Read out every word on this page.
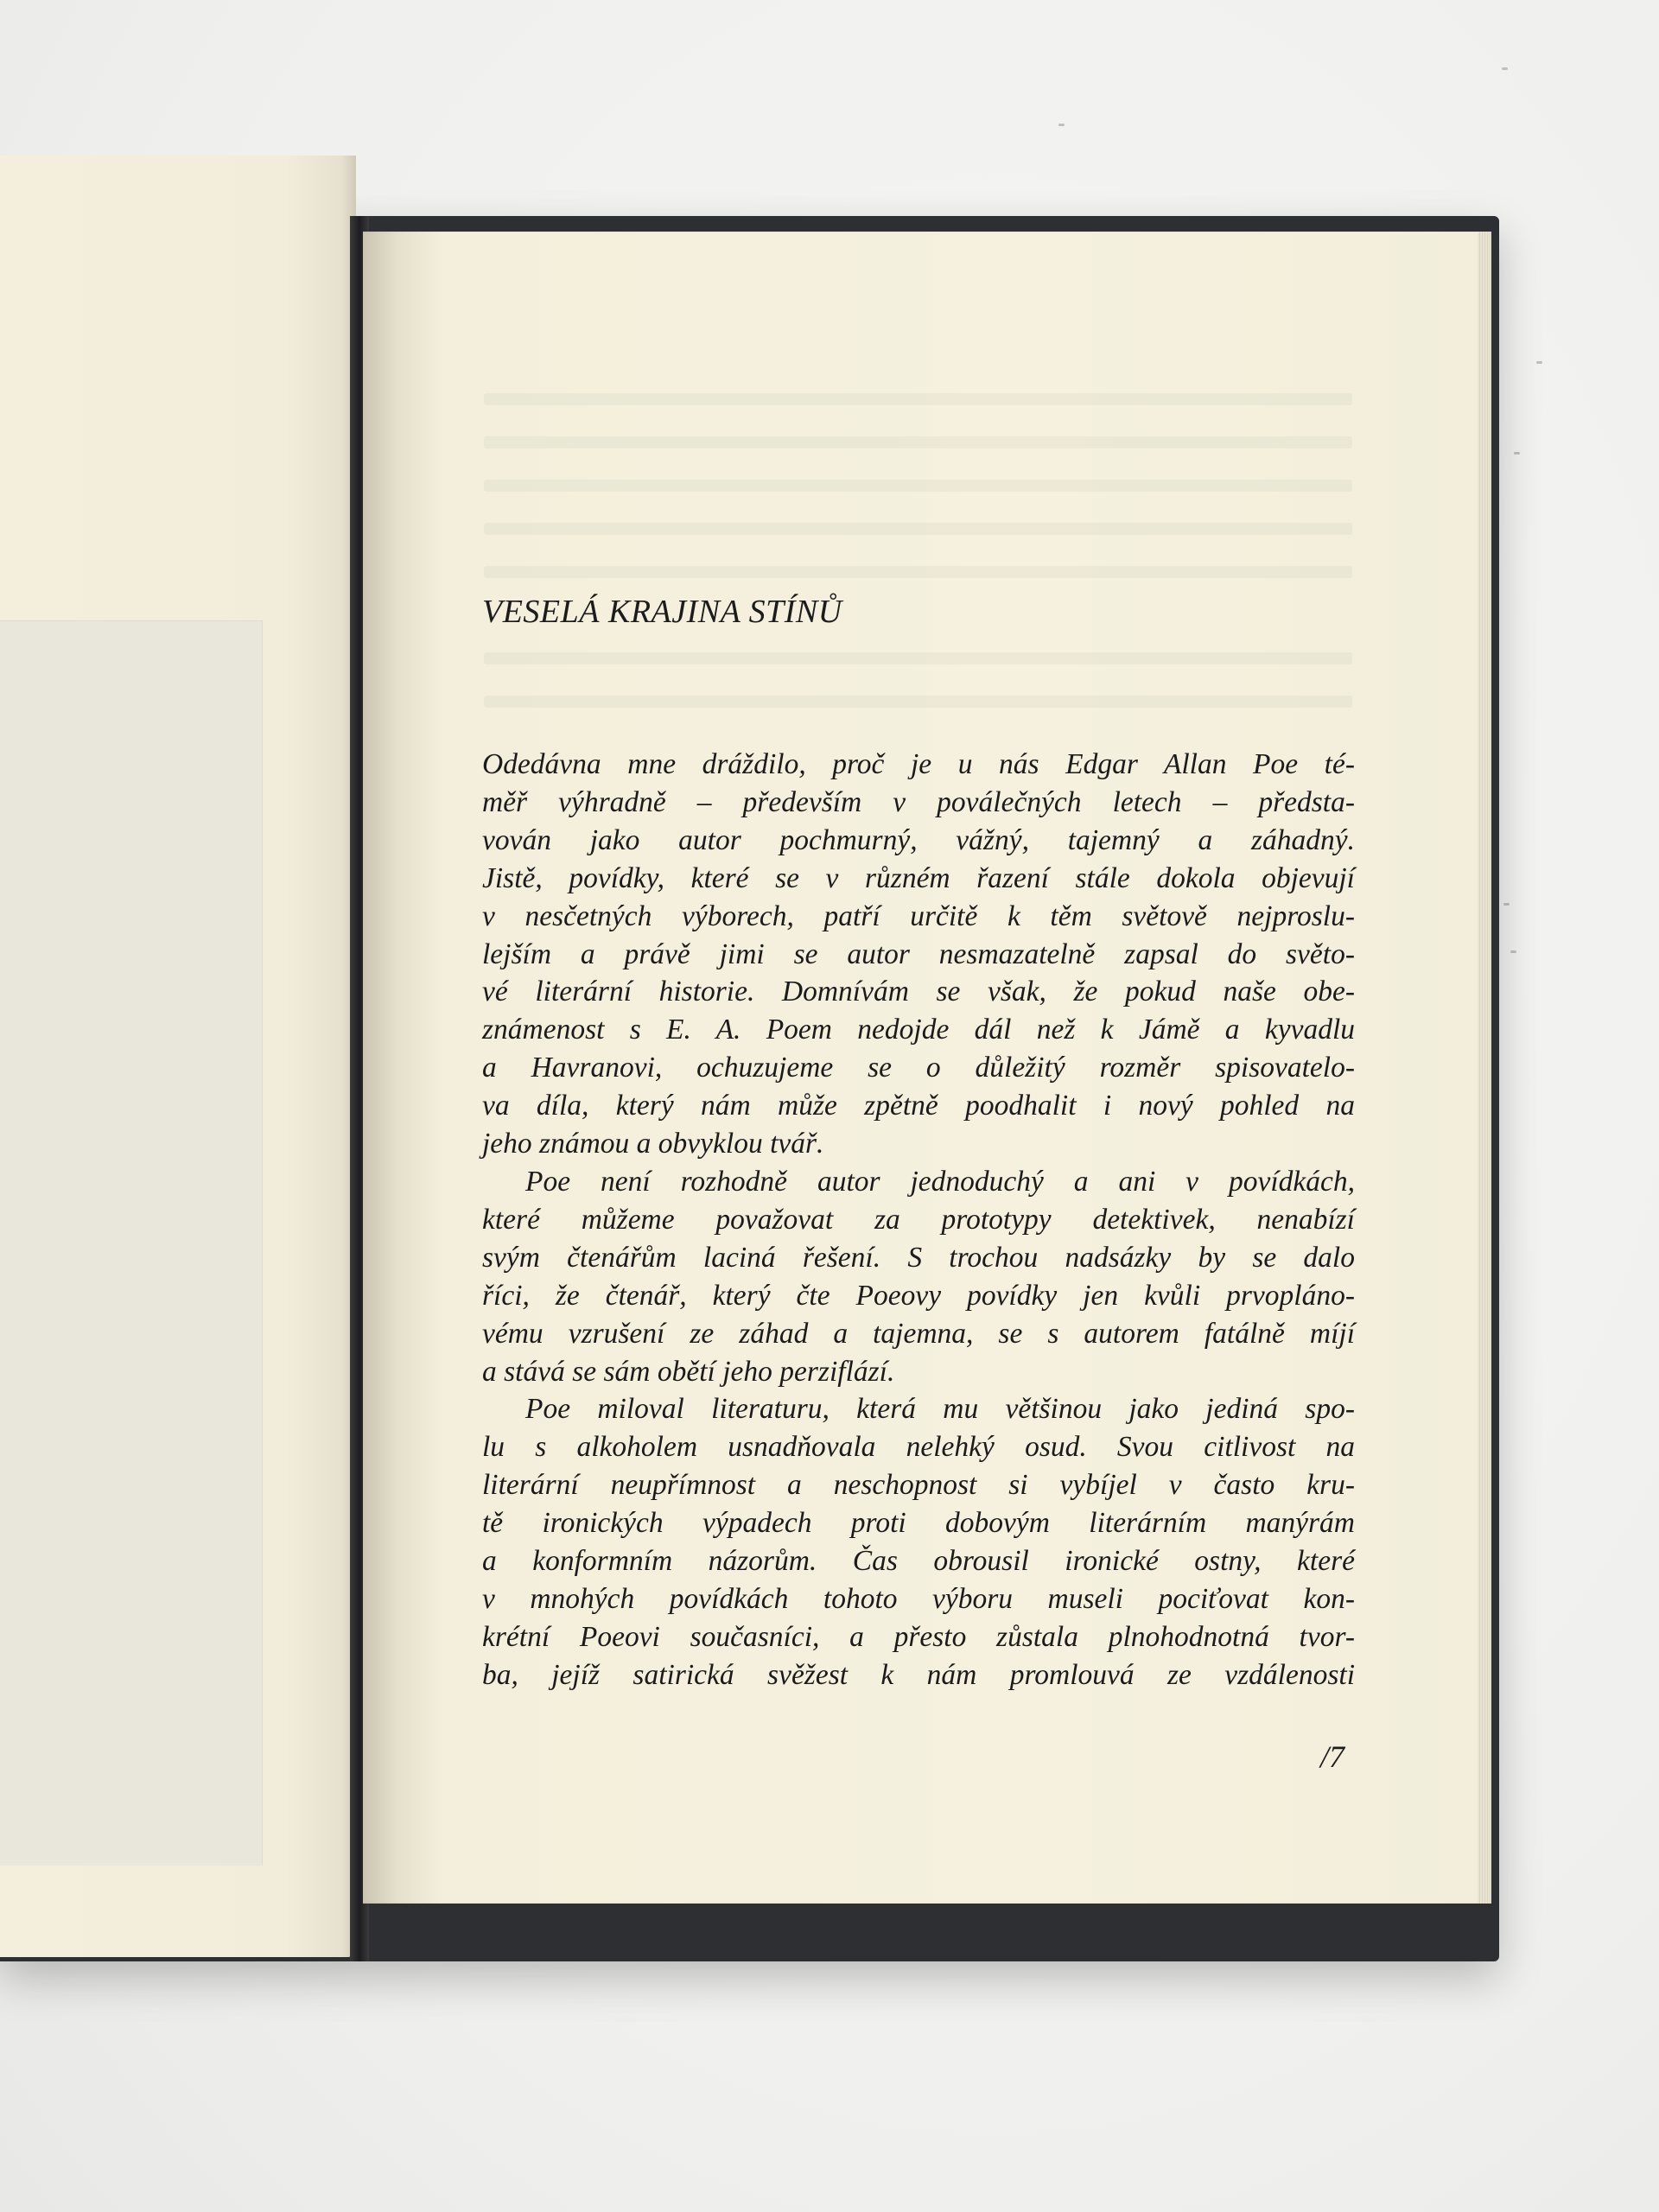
VESELÁ KRAJINA STÍNŮ

Odedávna mne dráždilo, proč je u nás Edgar Allan Poe té-
měř výhradně – především v poválečných letech – předsta-
vován jako autor pochmurný, vážný, tajemný a záhadný.
Jistě, povídky, které se v různém řazení stále dokola objevují
v nesčetných výborech, patří určitě k těm světově nejproslu-
lejším a právě jimi se autor nesmazatelně zapsal do světo-
vé literární historie. Domnívám se však, že pokud naše obe-
známenost s E. A. Poem nedojde dál než k Jámě a kyvadlu
a Havranovi, ochuzujeme se o důležitý rozměr spisovatelo-
va díla, který nám může zpětně poodhalit i nový pohled na
jeho známou a obvyklou tvář.

Poe není rozhodně autor jednoduchý a ani v povídkách,
které můžeme považovat za prototypy detektivek, nenabízí
svým čtenářům laciná řešení. S trochou nadsázky by se dalo
říci, že čtenář, který čte Poeovy povídky jen kvůli prvopláno-
vému vzrušení ze záhad a tajemna, se s autorem fatálně míjí
a stává se sám obětí jeho perziflází.

Poe miloval literaturu, která mu většinou jako jediná spo-
lu s alkoholem usnadňovala nelehký osud. Svou citlivost na
literární neupřímnost a neschopnost si vybíjel v často kru-
tě ironických výpadech proti dobovým literárním manýrám
a konformním názorům. Čas obrousil ironické ostny, které
v mnohých povídkách tohoto výboru museli pociťovat kon-
krétní Poeovi současníci, a přesto zůstala plnohodnotná tvor-
ba, jejíž satirická svěžest k nám promlouvá ze vzdálenosti

/7
